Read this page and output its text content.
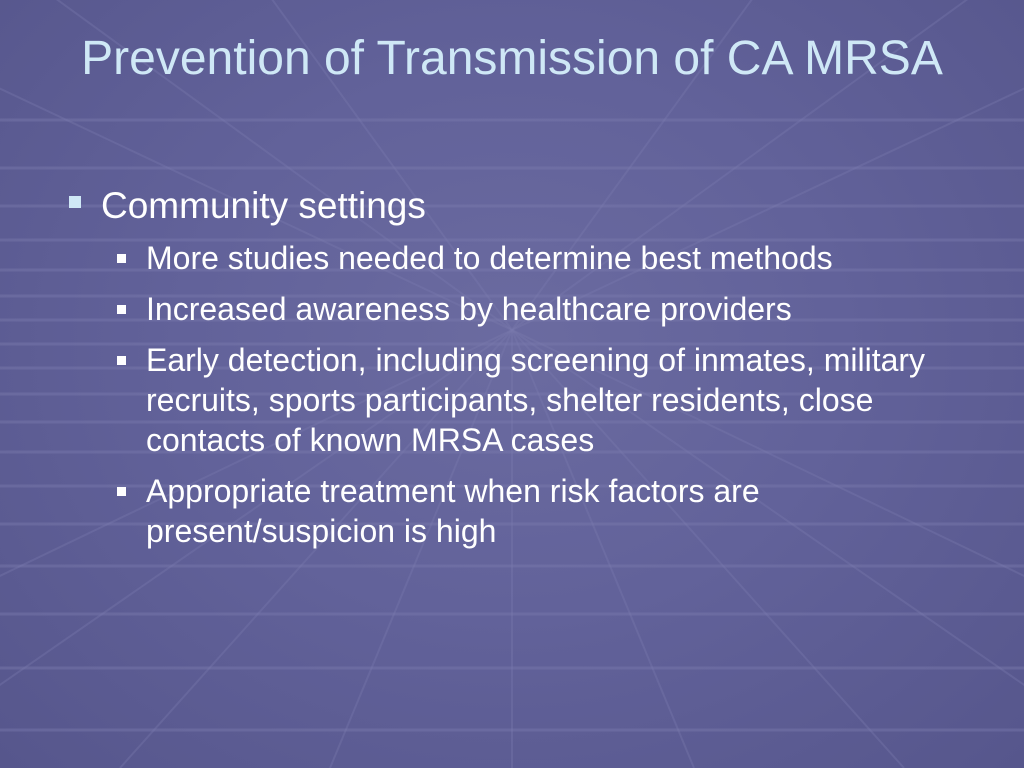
Prevention of Transmission of CA MRSA
Community settings
More studies needed to determine best methods
Increased awareness by healthcare providers
Early detection, including screening of inmates, military recruits, sports participants, shelter residents, close contacts of known MRSA cases
Appropriate treatment when risk factors are present/suspicion is high
